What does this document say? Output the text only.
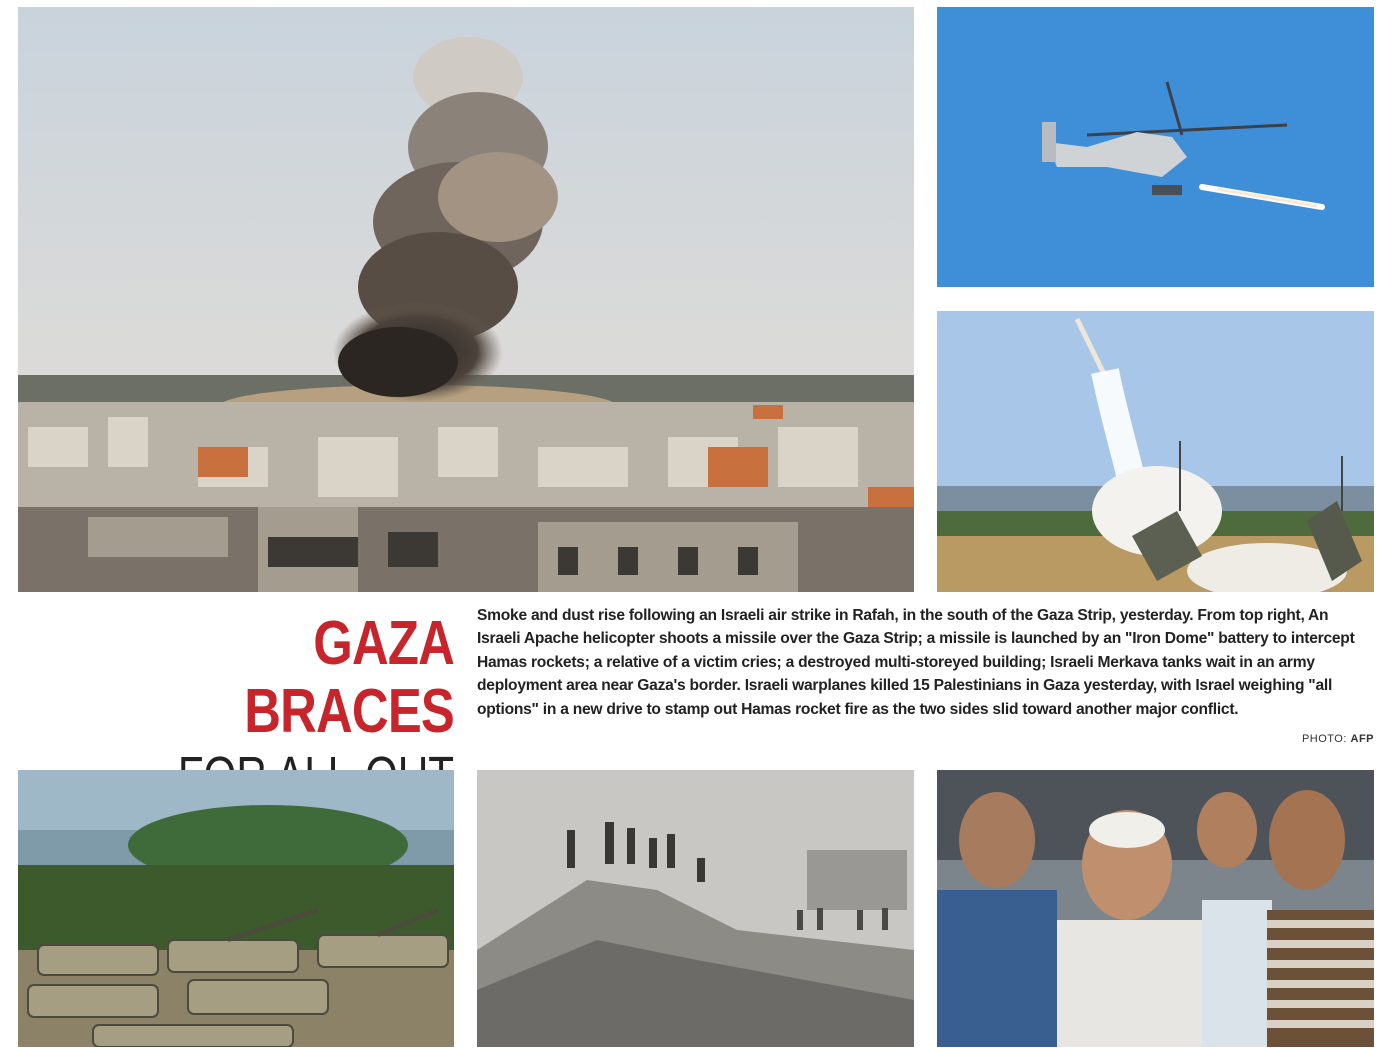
GAZA BRACES
Smoke and dust rise following an Israeli air strike in Rafah, in the south of the Gaza Strip, yesterday. From top right, An Israeli Apache helicopter shoots a missile over the Gaza Strip; a missile is launched by an "Iron Dome" battery to intercept Hamas rockets; a relative of a victim cries; a destroyed multi-storeyed building; Israeli Merkava tanks wait in an army deployment area near Gaza's border. Israeli warplanes killed 15 Palestinians in Gaza yesterday, with Israel weighing "all options" in a new drive to stamp out Hamas rocket fire as the two sides slid toward another major conflict.
PHOTO: AFP
